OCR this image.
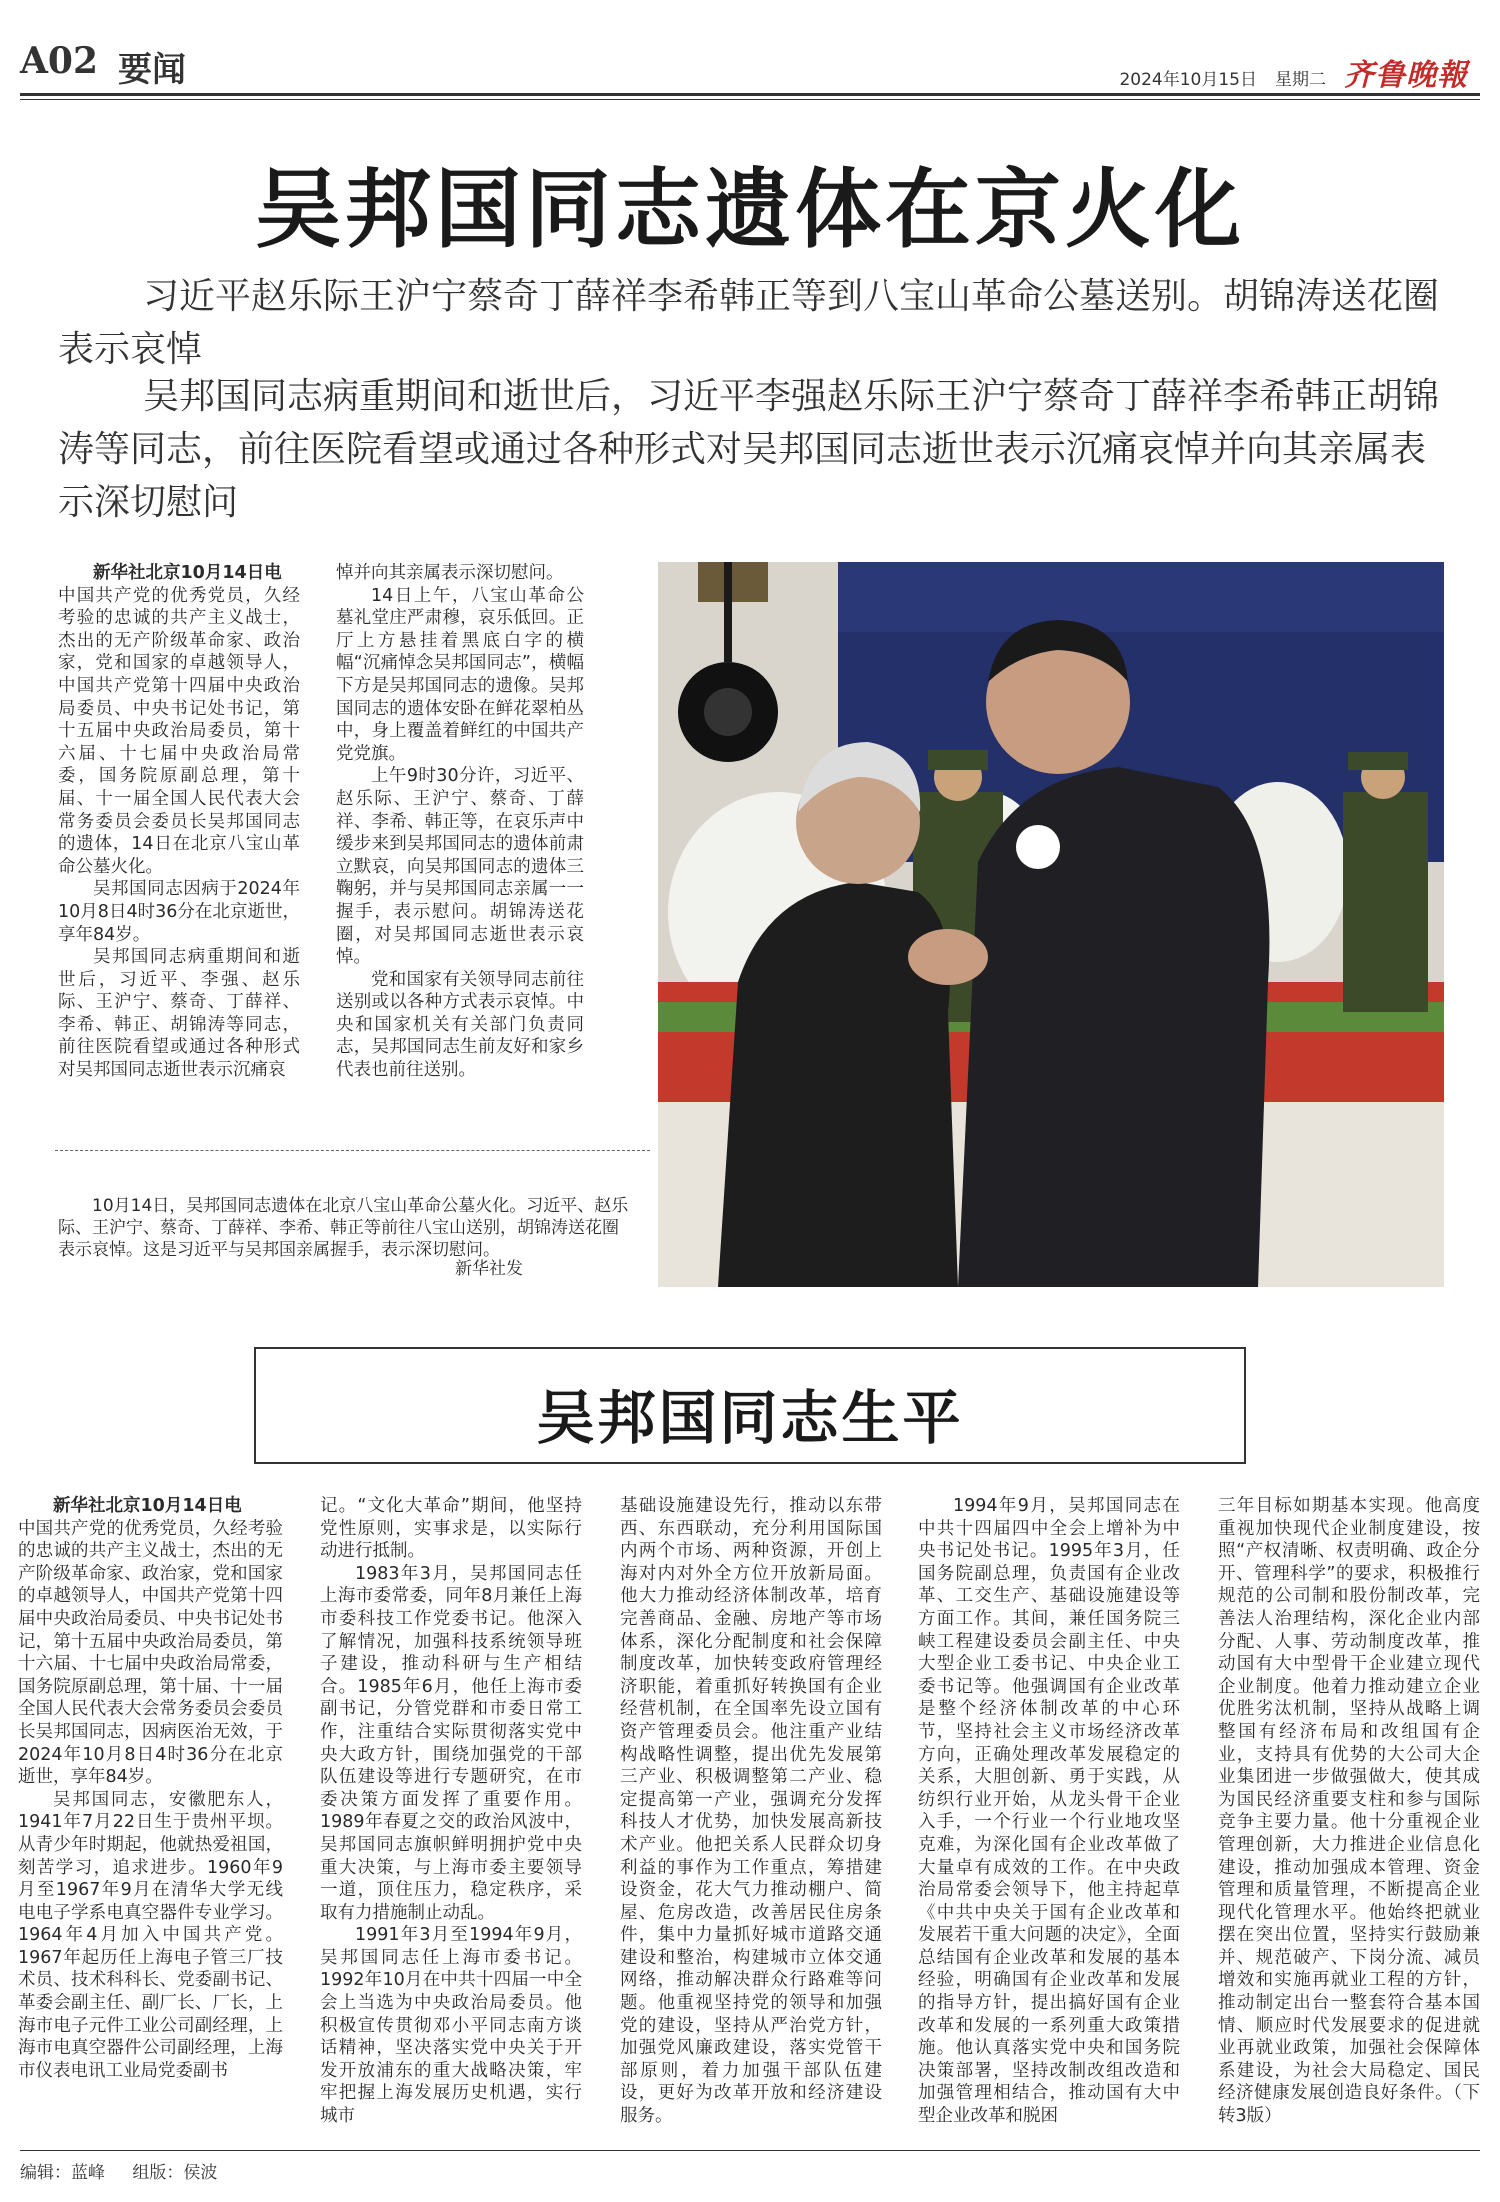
A02 要闻	2024年10月15日 星期二 齐鲁晚報
吴邦国同志遗体在京火化
习近平赵乐际王沪宁蔡奇丁薛祥李希韩正等到八宝山革命公墓送别。胡锦涛送花圈表示哀悼
吴邦国同志病重期间和逝世后，习近平李强赵乐际王沪宁蔡奇丁薛祥李希韩正胡锦涛等同志，前往医院看望或通过各种形式对吴邦国同志逝世表示沉痛哀悼并向其亲属表示深切慰问

新华社北京10月14日电

中国共产党的优秀党员，久经考验的忠诚的共产主义战士，杰出的无产阶级革命家、政治家，党和国家的卓越领导人，中国共产党第十四届中央政治局委员、中央书记处书记，第十五届中央政治局委员，第十六届、十七届中央政治局常委，国务院原副总理，第十届、十一届全国人民代表大会常务委员会委员长吴邦国同志的遗体，14日在北京八宝山革命公墓火化。

吴邦国同志因病于2024年10月8日4时36分在北京逝世，享年84岁。

吴邦国同志病重期间和逝世后，习近平、李强、赵乐际、王沪宁、蔡奇、丁薛祥、李希、韩正、胡锦涛等同志，前往医院看望或通过各种形式对吴邦国同志逝世表示沉痛哀

悼并向其亲属表示深切慰问。

14日上午，八宝山革命公墓礼堂庄严肃穆，哀乐低回。正厅上方悬挂着黑底白字的横幅“沉痛悼念吴邦国同志”，横幅下方是吴邦国同志的遗像。吴邦国同志的遗体安卧在鲜花翠柏丛中，身上覆盖着鲜红的中国共产党党旗。

上午9时30分许，习近平、赵乐际、王沪宁、蔡奇、丁薛祥、李希、韩正等，在哀乐声中缓步来到吴邦国同志的遗体前肃立默哀，向吴邦国同志的遗体三鞠躬，并与吴邦国同志亲属一一握手，表示慰问。胡锦涛送花圈，对吴邦国同志逝世表示哀悼。

党和国家有关领导同志前往送别或以各种方式表示哀悼。中央和国家机关有关部门负责同志，吴邦国同志生前友好和家乡代表也前往送别。

10月14日，吴邦国同志遗体在北京八宝山革命公墓火化。习近平、赵乐际、王沪宁、蔡奇、丁薛祥、李希、韩正等前往八宝山送别，胡锦涛送花圈表示哀悼。这是习近平与吴邦国亲属握手，表示深切慰问。
新华社发
吴邦国同志生平

新华社北京10月14日电

中国共产党的优秀党员，久经考验的忠诚的共产主义战士，杰出的无产阶级革命家、政治家，党和国家的卓越领导人，中国共产党第十四届中央政治局委员、中央书记处书记，第十五届中央政治局委员，第十六届、十七届中央政治局常委，国务院原副总理，第十届、十一届全国人民代表大会常务委员会委员长吴邦国同志，因病医治无效，于2024年10月8日4时36分在北京逝世，享年84岁。

吴邦国同志，安徽肥东人，1941年7月22日生于贵州平坝。从青少年时期起，他就热爱祖国，刻苦学习，追求进步。1960年9月至1967年9月在清华大学无线电电子学系电真空器件专业学习。1964年4月加入中国共产党。1967年起历任上海电子管三厂技术员、技术科科长、党委副书记、革委会副主任、副厂长、厂长，上海市电子元件工业公司副经理，上海市电真空器件公司副经理，上海市仪表电讯工业局党委副书

记。“文化大革命”期间，他坚持党性原则，实事求是，以实际行动进行抵制。

1983年3月，吴邦国同志任上海市委常委，同年8月兼任上海市委科技工作党委书记。他深入了解情况，加强科技系统领导班子建设，推动科研与生产相结合。1985年6月，他任上海市委副书记，分管党群和市委日常工作，注重结合实际贯彻落实党中央大政方针，围绕加强党的干部队伍建设等进行专题研究，在市委决策方面发挥了重要作用。1989年春夏之交的政治风波中，吴邦国同志旗帜鲜明拥护党中央重大决策，与上海市委主要领导一道，顶住压力，稳定秩序，采取有力措施制止动乱。

1991年3月至1994年9月，吴邦国同志任上海市委书记。1992年10月在中共十四届一中全会上当选为中央政治局委员。他积极宣传贯彻邓小平同志南方谈话精神，坚决落实党中央关于开发开放浦东的重大战略决策，牢牢把握上海发展历史机遇，实行城市

基础设施建设先行，推动以东带西、东西联动，充分利用国际国内两个市场、两种资源，开创上海对内对外全方位开放新局面。他大力推动经济体制改革，培育完善商品、金融、房地产等市场体系，深化分配制度和社会保障制度改革，加快转变政府管理经济职能，着重抓好转换国有企业经营机制，在全国率先设立国有资产管理委员会。他注重产业结构战略性调整，提出优先发展第三产业、积极调整第二产业、稳定提高第一产业，强调充分发挥科技人才优势，加快发展高新技术产业。他把关系人民群众切身利益的事作为工作重点，筹措建设资金，花大气力推动棚户、简屋、危房改造，改善居民住房条件，集中力量抓好城市道路交通建设和整治，构建城市立体交通网络，推动解决群众行路难等问题。他重视坚持党的领导和加强党的建设，坚持从严治党方针，加强党风廉政建设，落实党管干部原则，着力加强干部队伍建设，更好为改革开放和经济建设服务。

1994年9月，吴邦国同志在中共十四届四中全会上增补为中央书记处书记。1995年3月，任国务院副总理，负责国有企业改革、工交生产、基础设施建设等方面工作。其间，兼任国务院三峡工程建设委员会副主任、中央大型企业工委书记、中央企业工委书记等。他强调国有企业改革是整个经济体制改革的中心环节，坚持社会主义市场经济改革方向，正确处理改革发展稳定的关系，大胆创新、勇于实践，从纺织行业开始，从龙头骨干企业入手，一个行业一个行业地攻坚克难，为深化国有企业改革做了大量卓有成效的工作。在中央政治局常委会领导下，他主持起草《中共中央关于国有企业改革和发展若干重大问题的决定》，全面总结国有企业改革和发展的基本经验，明确国有企业改革和发展的指导方针，提出搞好国有企业改革和发展的一系列重大政策措施。他认真落实党中央和国务院决策部署，坚持改制改组改造和加强管理相结合，推动国有大中型企业改革和脱困

三年目标如期基本实现。他高度重视加快现代企业制度建设，按照“产权清晰、权责明确、政企分开、管理科学”的要求，积极推行规范的公司制和股份制改革，完善法人治理结构，深化企业内部分配、人事、劳动制度改革，推动国有大中型骨干企业建立现代企业制度。他着力推动建立企业优胜劣汰机制，坚持从战略上调整国有经济布局和改组国有企业，支持具有优势的大公司大企业集团进一步做强做大，使其成为国民经济重要支柱和参与国际竞争主要力量。他十分重视企业管理创新，大力推进企业信息化建设，推动加强成本管理、资金管理和质量管理，不断提高企业现代化管理水平。他始终把就业摆在突出位置，坚持实行鼓励兼并、规范破产、下岗分流、减员增效和实施再就业工程的方针，推动制定出台一整套符合基本国情、顺应时代发展要求的促进就业再就业政策，加强社会保障体系建设，为社会大局稳定、国民经济健康发展创造良好条件。（下转3版）

编辑：蓝峰 组版：侯波
